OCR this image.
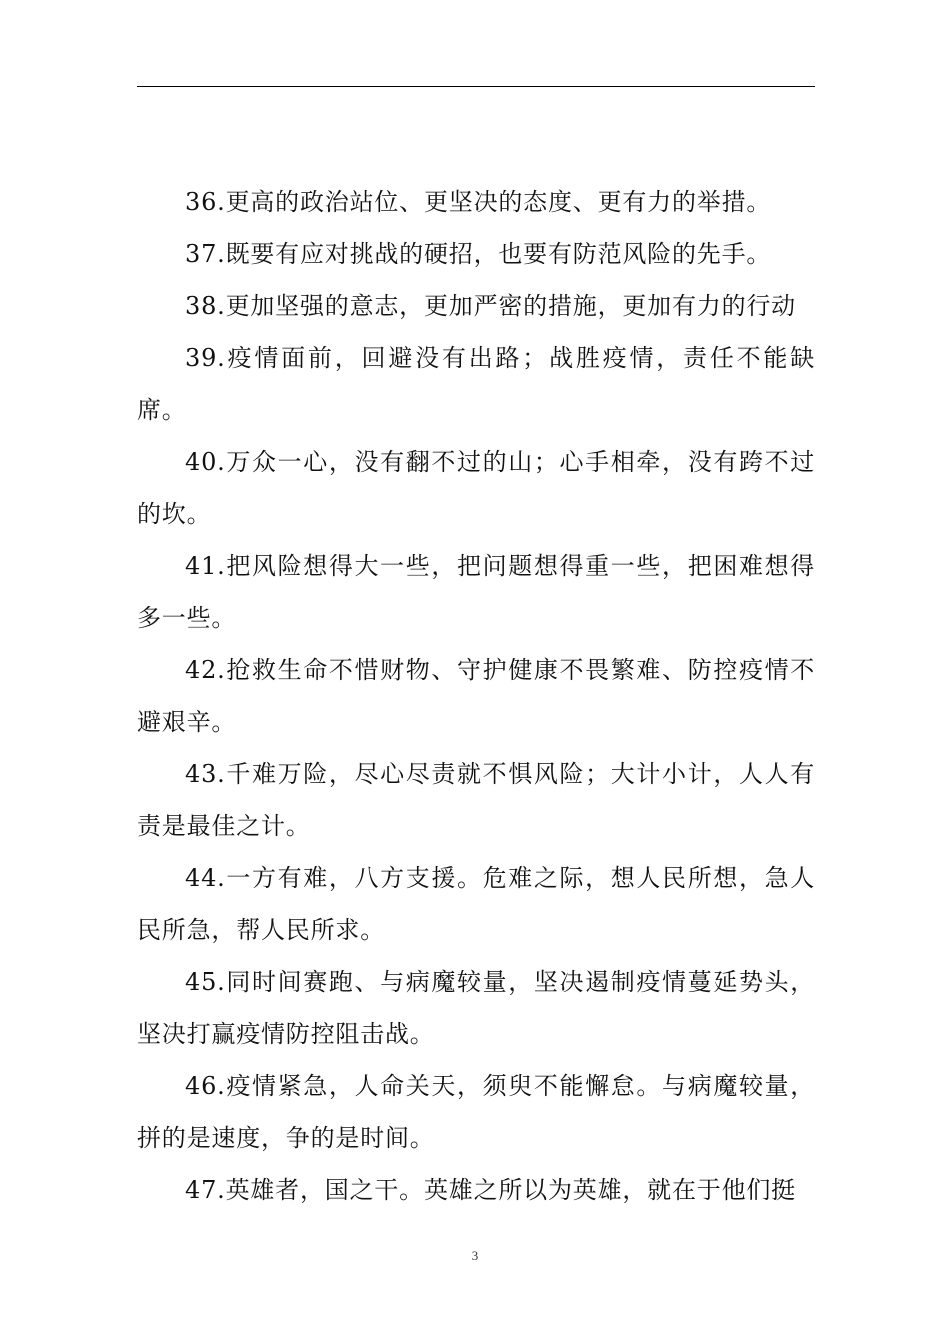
36.更高的政治站位、更坚决的态度、更有力的举措。

37.既要有应对挑战的硬招，也要有防范风险的先手。

38.更加坚强的意志，更加严密的措施，更加有力的行动

39.疫情面前，回避没有出路；战胜疫情，责任不能缺席。

40.万众一心，没有翻不过的山；心手相牵，没有跨不过的坎。

41.把风险想得大一些，把问题想得重一些，把困难想得多一些。

42.抢救生命不惜财物、守护健康不畏繁难、防控疫情不避艰辛。

43.千难万险，尽心尽责就不惧风险；大计小计，人人有责是最佳之计。

44.一方有难，八方支援。危难之际，想人民所想，急人民所急，帮人民所求。

45.同时间赛跑、与病魔较量，坚决遏制疫情蔓延势头，坚决打赢疫情防控阻击战。

46.疫情紧急，人命关天，须臾不能懈怠。与病魔较量，拼的是速度，争的是时间。

47.英雄者，国之干。英雄之所以为英雄，就在于他们挺

3
